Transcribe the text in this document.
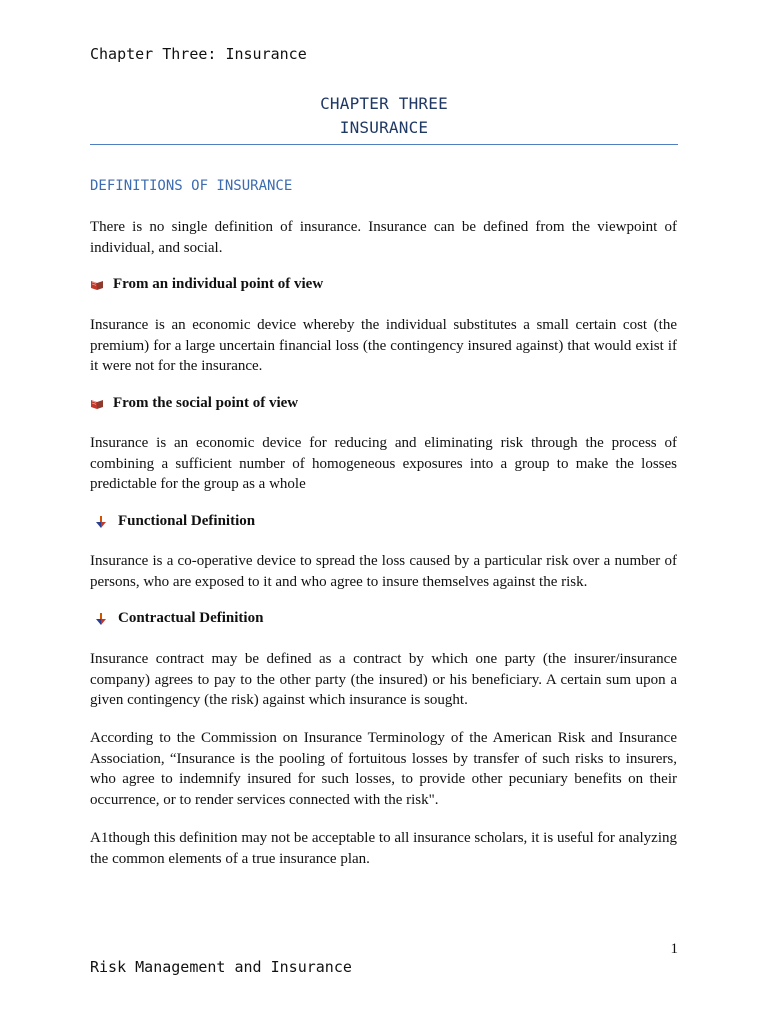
Chapter Three: Insurance
CHAPTER THREE
INSURANCE
DEFINITIONS OF INSURANCE

There is no single definition of insurance. Insurance can be defined from the viewpoint of individual, and social.

From an individual point of view

Insurance is an economic device whereby the individual substitutes a small certain cost (the premium) for a large uncertain financial loss (the contingency insured against) that would exist if it were not for the insurance.

From the social point of view

Insurance is an economic device for reducing and eliminating risk through the process of combining a sufficient number of homogeneous exposures into a group to make the losses predictable for the group as a whole

Functional Definition

Insurance is a co-operative device to spread the loss caused by a particular risk over a number of persons, who are exposed to it and who agree to insure themselves against the risk.

Contractual Definition

Insurance contract may be defined as a contract by which one party (the insurer/insurance company) agrees to pay to the other party (the insured) or his beneficiary. A certain sum upon a given contingency (the risk) against which insurance is sought.

According to the Commission on Insurance Terminology of the American Risk and Insurance Association, “Insurance is the pooling of fortuitous losses by transfer of such risks to insurers, who agree to indemnify insured for such losses, to provide other pecuniary benefits on their occurrence, or to render services connected with the risk".

A1though this definition may not be acceptable to all insurance scholars, it is useful for analyzing the common elements of a true insurance plan.

1
Risk Management and Insurance
